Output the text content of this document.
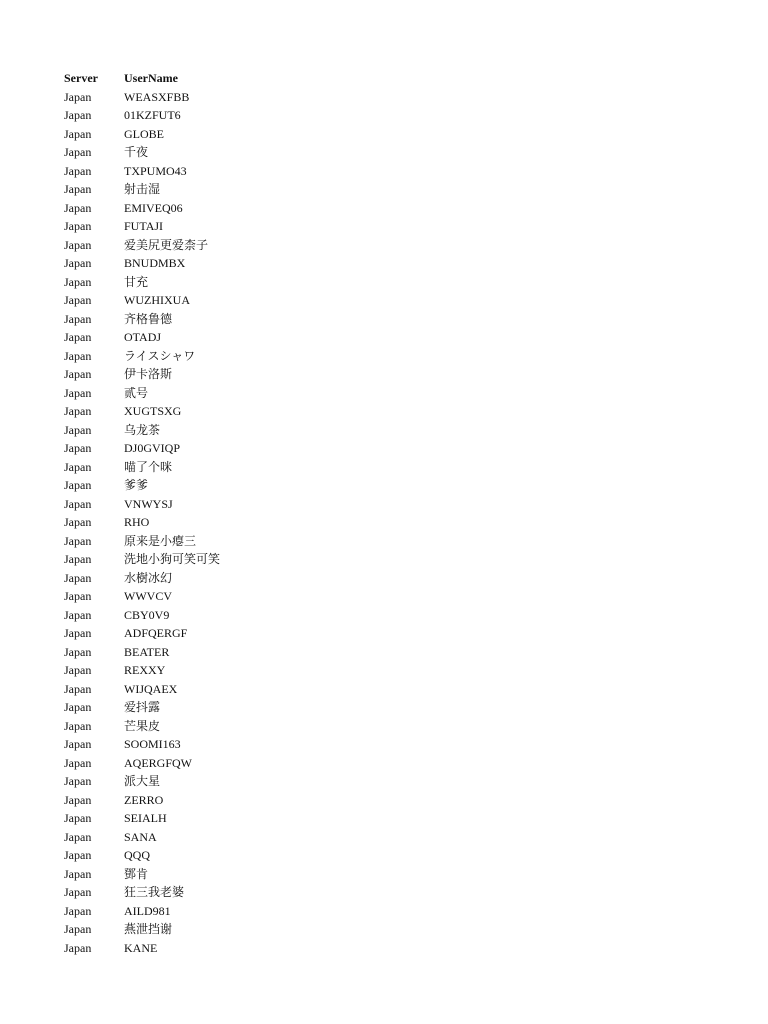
Server	UserName
Japan	WEASXFBB
Japan	01KZFUT6
Japan	GLOBE
Japan	千夜
Japan	TXPUMO43
Japan	射击湿
Japan	EMIVEQ06
Japan	FUTAJI
Japan	爱美尻更爱柰子
Japan	BNUDMBX
Japan	甘充
Japan	WUZHIXUA
Japan	齐格鲁德
Japan	OTADJ
Japan	ライスシャワ
Japan	伊卡洛斯
Japan	贰号
Japan	XUGTSXG
Japan	乌龙茶
Japan	DJ0GVIQP
Japan	喵了个咪
Japan	爹爹
Japan	VNWYSJ
Japan	RHO
Japan	原来是小瘪三
Japan	洗地小狗可笑可笑
Japan	水樹冰幻
Japan	WWVCV
Japan	CBY0V9
Japan	ADFQERGF
Japan	BEATER
Japan	REXXY
Japan	WIJQAEX
Japan	爱抖露
Japan	芒果皮
Japan	SOOMI163
Japan	AQERGFQW
Japan	派大星
Japan	ZERRO
Japan	SEIALH
Japan	SANA
Japan	QQQ
Japan	鄧肯
Japan	狂三我老婆
Japan	AILD981
Japan	燕泄挡谢
Japan	KANE
